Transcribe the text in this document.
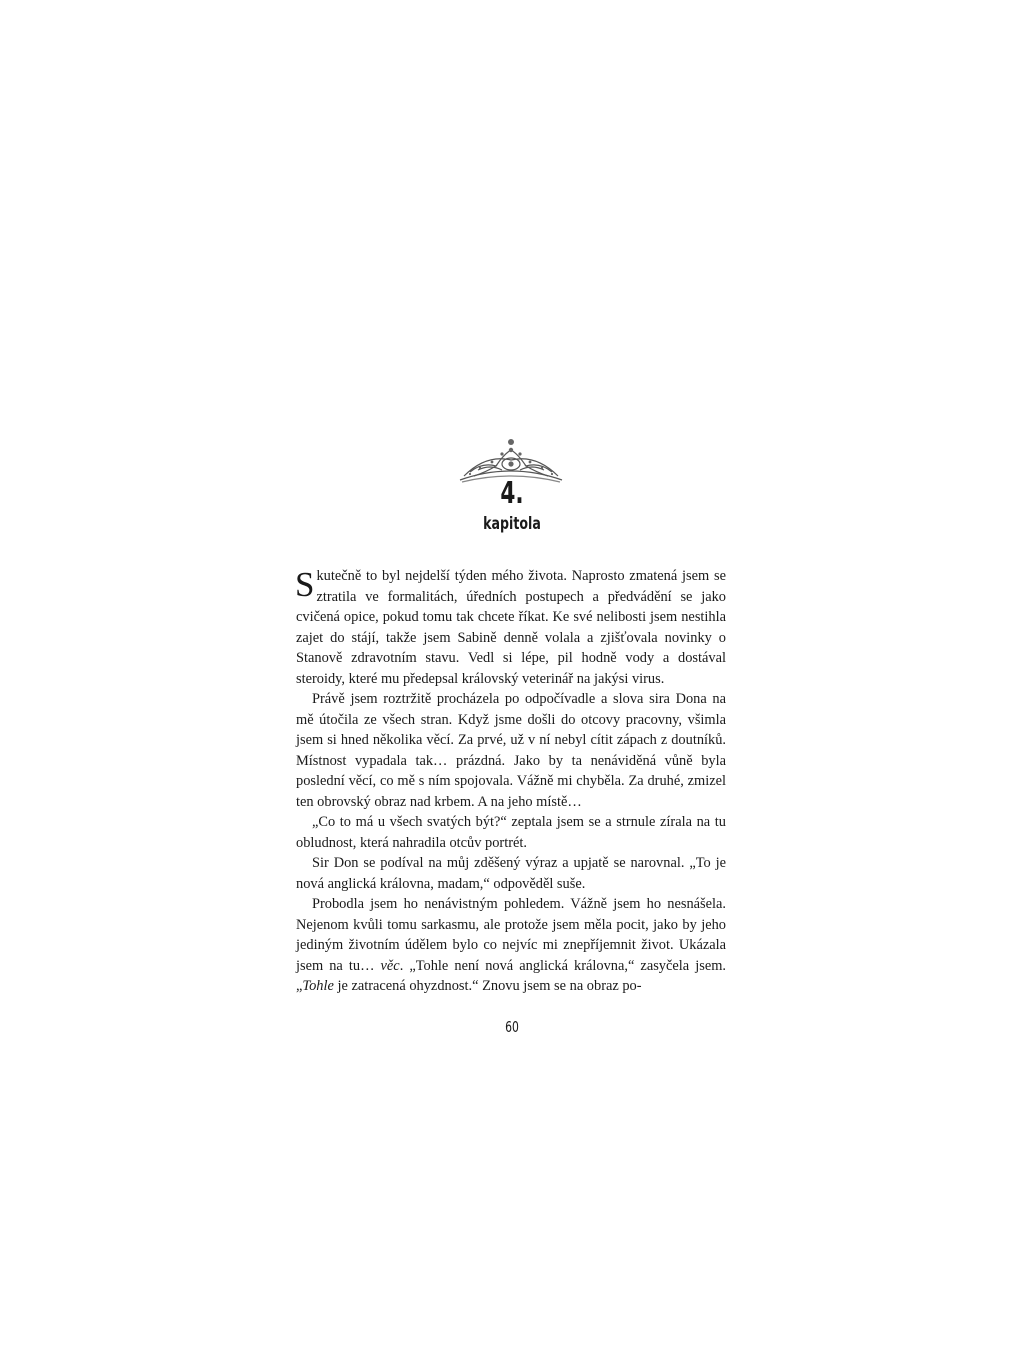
4.
kapitola

Skutečně to byl nejdelší týden mého života. Naprosto zmatená jsem se ztratila ve formalitách, úředních postupech a předvádění se jako cvičená opice, pokud tomu tak chcete říkat. Ke své nelibosti jsem nestihla zajet do stájí, takže jsem Sabině denně volala a zjišťovala novinky o Stanově zdravotním stavu. Vedl si lépe, pil hodně vody a dostával steroidy, které mu předepsal královský veterinář na jakýsi virus.

Právě jsem roztržitě procházela po odpočívadle a slova sira Dona na mě útočila ze všech stran. Když jsme došli do otcovy pracovny, všimla jsem si hned několika věcí. Za prvé, už v ní nebyl cítit zápach z doutníků. Místnost vypadala tak… prázdná. Jako by ta nenáviděná vůně byla poslední věcí, co mě s ním spojovala. Vážně mi chyběla. Za druhé, zmizel ten obrovský obraz nad krbem. A na jeho místě…

„Co to má u všech svatých být?“ zeptala jsem se a strnule zírala na tu obludnost, která nahradila otcův portrét.

Sir Don se podíval na můj zděšený výraz a upjatě se narovnal. „To je nová anglická královna, madam,“ odpověděl suše.

Probodla jsem ho nenávistným pohledem. Vážně jsem ho nesnášela. Nejenom kvůli tomu sarkasmu, ale protože jsem měla pocit, jako by jeho jediným životním údělem bylo co nejvíc mi znepříjemnit život. Ukázala jsem na tu… věc. „Tohle není nová anglická královna,“ zasyčela jsem. „Tohle je zatracená ohyzdnost.“ Znovu jsem se na obraz po-

60
